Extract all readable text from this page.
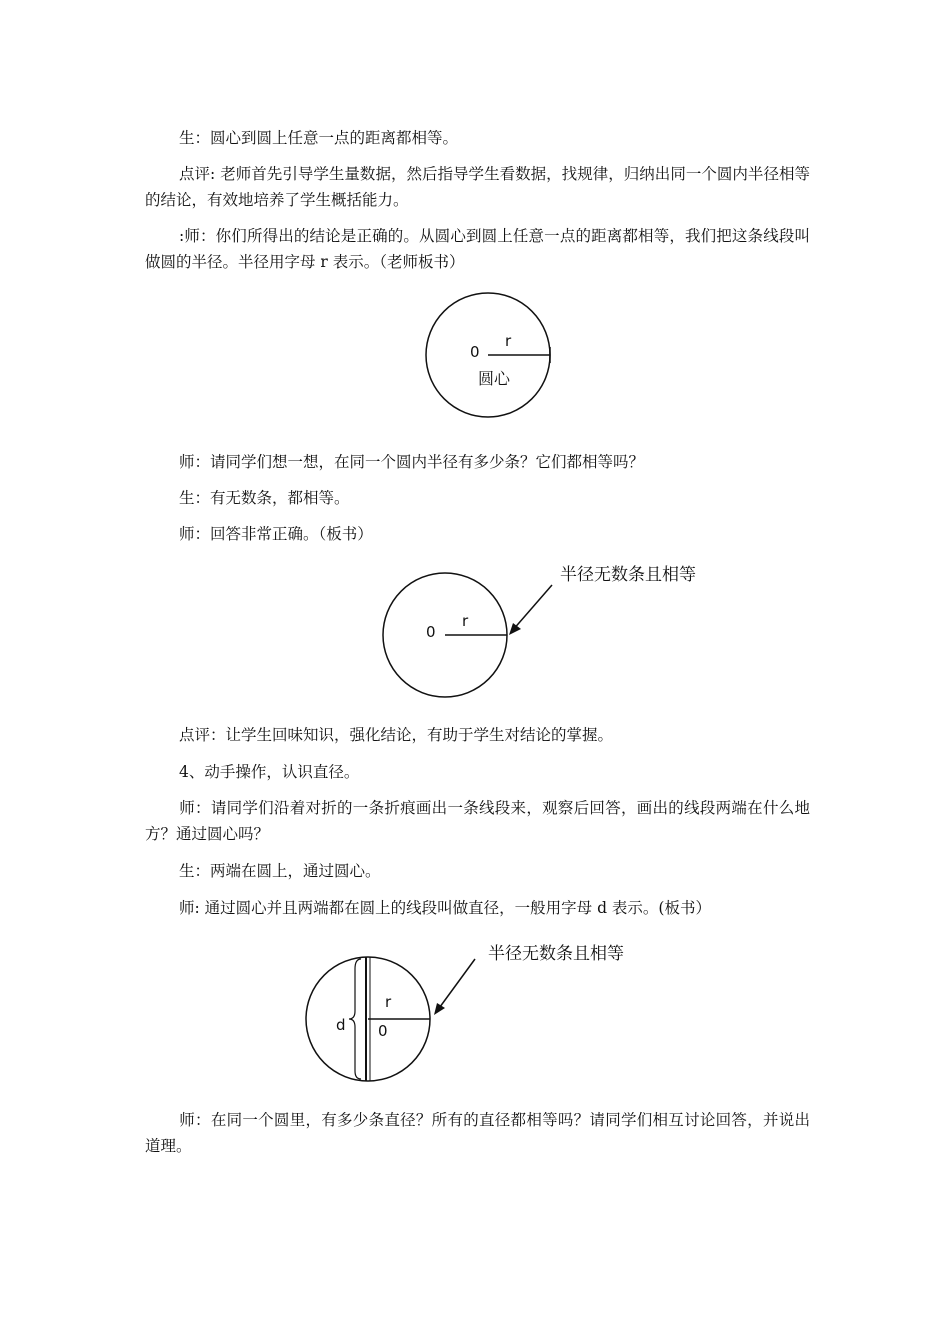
生：圆心到圆上任意一点的距离都相等。

点评: 老师首先引导学生量数据，然后指导学生看数据，找规律，归纳出同一个圆内半径相等的结论，有效地培养了学生概括能力。

:师：你们所得出的结论是正确的。从圆心到圆上任意一点的距离都相等，我们把这条线段叫做圆的半径。半径用字母 r 表示。（老师板书）

0
r
圆心

师：请同学们想一想，在同一个圆内半径有多少条？它们都相等吗？

生：有无数条，都相等。

师：回答非常正确。（板书）

0
r
半径无数条且相等

点评：让学生回味知识，强化结论，有助于学生对结论的掌握。

4、动手操作，认识直径。

师：请同学们沿着对折的一条折痕画出一条线段来，观察后回答，画出的线段两端在什么地方？通过圆心吗？

生：两端在圆上，通过圆心。

师: 通过圆心并且两端都在圆上的线段叫做直径，一般用字母 d 表示。(板书）

d
r
0
半径无数条且相等

师：在同一个圆里，有多少条直径？所有的直径都相等吗？请同学们相互讨论回答，并说出道理。
